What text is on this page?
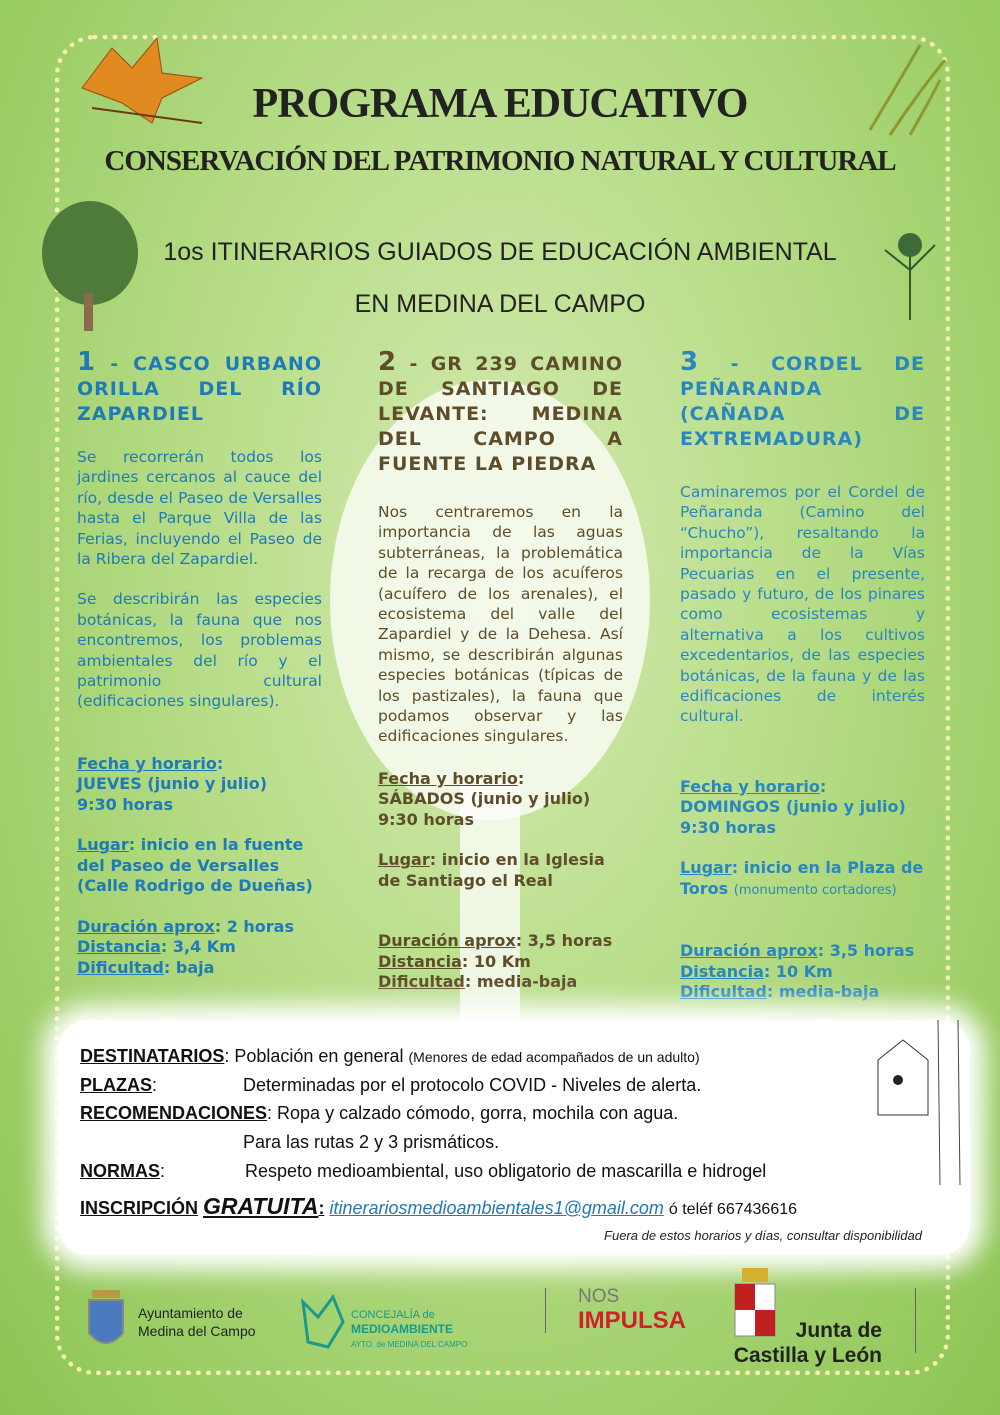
PROGRAMA EDUCATIVO
CONSERVACIÓN DEL PATRIMONIO NATURAL Y CULTURAL
1os ITINERARIOS GUIADOS DE EDUCACIÓN AMBIENTAL
EN MEDINA DEL CAMPO
1 - CASCO URBANO ORILLA DEL RÍO ZAPARDIEL
Se recorrerán todos los jardines cercanos al cauce del río, desde el Paseo de Versalles hasta el Parque Villa de las Ferias, incluyendo el Paseo de la Ribera del Zapardiel.
Se describirán las especies botánicas, la fauna que nos encontremos, los problemas ambientales del río y el patrimonio cultural (edificaciones singulares).
Fecha y horario:
JUEVES (junio y julio)
9:30 horas
Lugar: inicio en la fuente del Paseo de Versalles (Calle Rodrigo de Dueñas)
Duración aprox: 2 horas
Distancia: 3,4 Km
Dificultad: baja
2 - GR 239 CAMINO DE SANTIAGO DE LEVANTE: MEDINA DEL CAMPO A FUENTE LA PIEDRA
Nos centraremos en la importancia de las aguas subterráneas, la problemática de la recarga de los acuíferos (acuífero de los arenales), el ecosistema del valle del Zapardiel y de la Dehesa. Así mismo, se describirán algunas especies botánicas (típicas de los pastizales), la fauna que podamos observar y las edificaciones singulares.
Fecha y horario:
SÁBADOS (junio y julio)
9:30 horas
Lugar: inicio en la Iglesia de Santiago el Real
Duración aprox: 3,5 horas
Distancia: 10 Km
Dificultad: media-baja
3 - CORDEL DE PEÑARANDA (CAÑADA DE EXTREMADURA)
Caminaremos por el Cordel de Peñaranda (Camino del “Chucho”), resaltando la importancia de la Vías Pecuarias en el presente, pasado y futuro, de los pinares como ecosistemas y alternativa a los cultivos excedentarios, de las especies botánicas, de la fauna y de las edificaciones de interés cultural.
Fecha y horario:
DOMINGOS (junio y julio)
9:30 horas
Lugar: inicio en la Plaza de Toros (monumento cortadores)
Duración aprox: 3,5 horas
Distancia: 10 Km
Dificultad: media-baja
DESTINATARIOS: Población en general (Menores de edad acompañados de un adulto)
PLAZAS:	Determinadas por el protocolo COVID - Niveles de alerta.
RECOMENDACIONES: Ropa y calzado cómodo, gorra, mochila con agua.
Para las rutas 2 y 3 prismáticos.
NORMAS:	Respeto medioambiental, uso obligatorio de mascarilla e hidrogel
INSCRIPCIÓN GRATUITA: itinerariosmedioambientales1@gmail.com ó teléf 667436616
Fuera de estos horarios y días, consultar disponibilidad
Ayuntamiento de
Medina del Campo
CONCEJALÍA de
MEDIOAMBIENTE
AYTO. de MEDINA DEL CAMPO
NOS
IMPULSA	Junta de
Castilla y León
